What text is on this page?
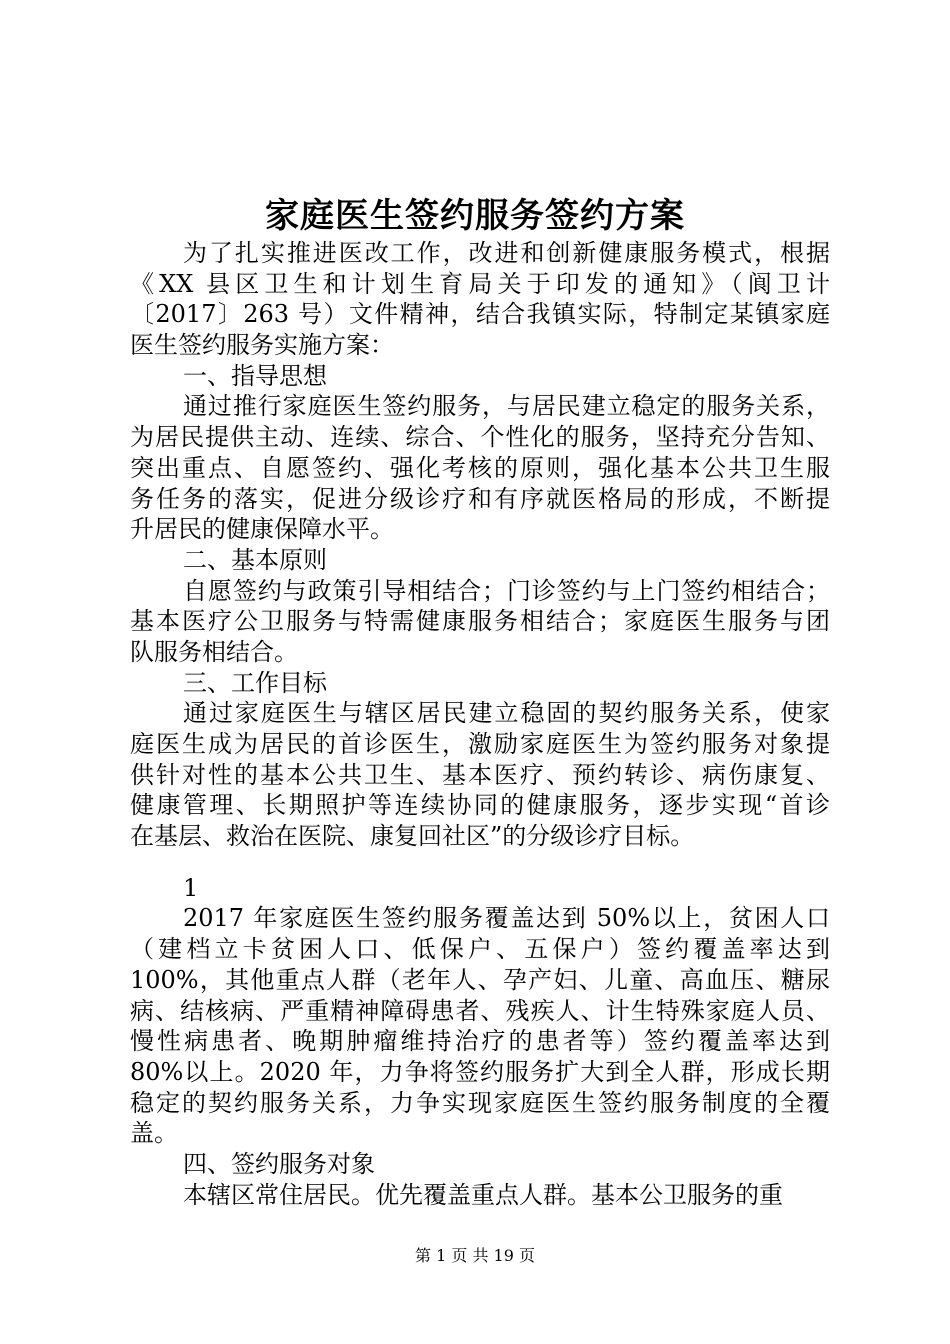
家庭医生签约服务签约方案
为了扎实推进医改工作，改进和创新健康服务模式，根据
《XX 县区卫生和计划生育局关于印发的通知》（阆卫计
〔2017〕263 号）文件精神，结合我镇实际，特制定某镇家庭
医生签约服务实施方案：
一、指导思想
通过推行家庭医生签约服务，与居民建立稳定的服务关系，
为居民提供主动、连续、综合、个性化的服务，坚持充分告知、
突出重点、自愿签约、强化考核的原则，强化基本公共卫生服
务任务的落实，促进分级诊疗和有序就医格局的形成，不断提
升居民的健康保障水平。
二、基本原则
自愿签约与政策引导相结合；门诊签约与上门签约相结合；
基本医疗公卫服务与特需健康服务相结合；家庭医生服务与团
队服务相结合。
三、工作目标
通过家庭医生与辖区居民建立稳固的契约服务关系，使家
庭医生成为居民的首诊医生，激励家庭医生为签约服务对象提
供针对性的基本公共卫生、基本医疗、预约转诊、病伤康复、
健康管理、长期照护等连续协同的健康服务，逐步实现“首诊
在基层、救治在医院、康复回社区”的分级诊疗目标。
1
2017 年家庭医生签约服务覆盖达到 50%以上，贫困人口
（建档立卡贫困人口、低保户、五保户）签约覆盖率达到
100%，其他重点人群（老年人、孕产妇、儿童、高血压、糖尿
病、结核病、严重精神障碍患者、残疾人、计生特殊家庭人员、
慢性病患者、晚期肿瘤维持治疗的患者等）签约覆盖率达到
80%以上。2020 年，力争将签约服务扩大到全人群，形成长期
稳定的契约服务关系，力争实现家庭医生签约服务制度的全覆
盖。
四、签约服务对象
本辖区常住居民。优先覆盖重点人群。基本公卫服务的重
第 1 页 共 19 页
